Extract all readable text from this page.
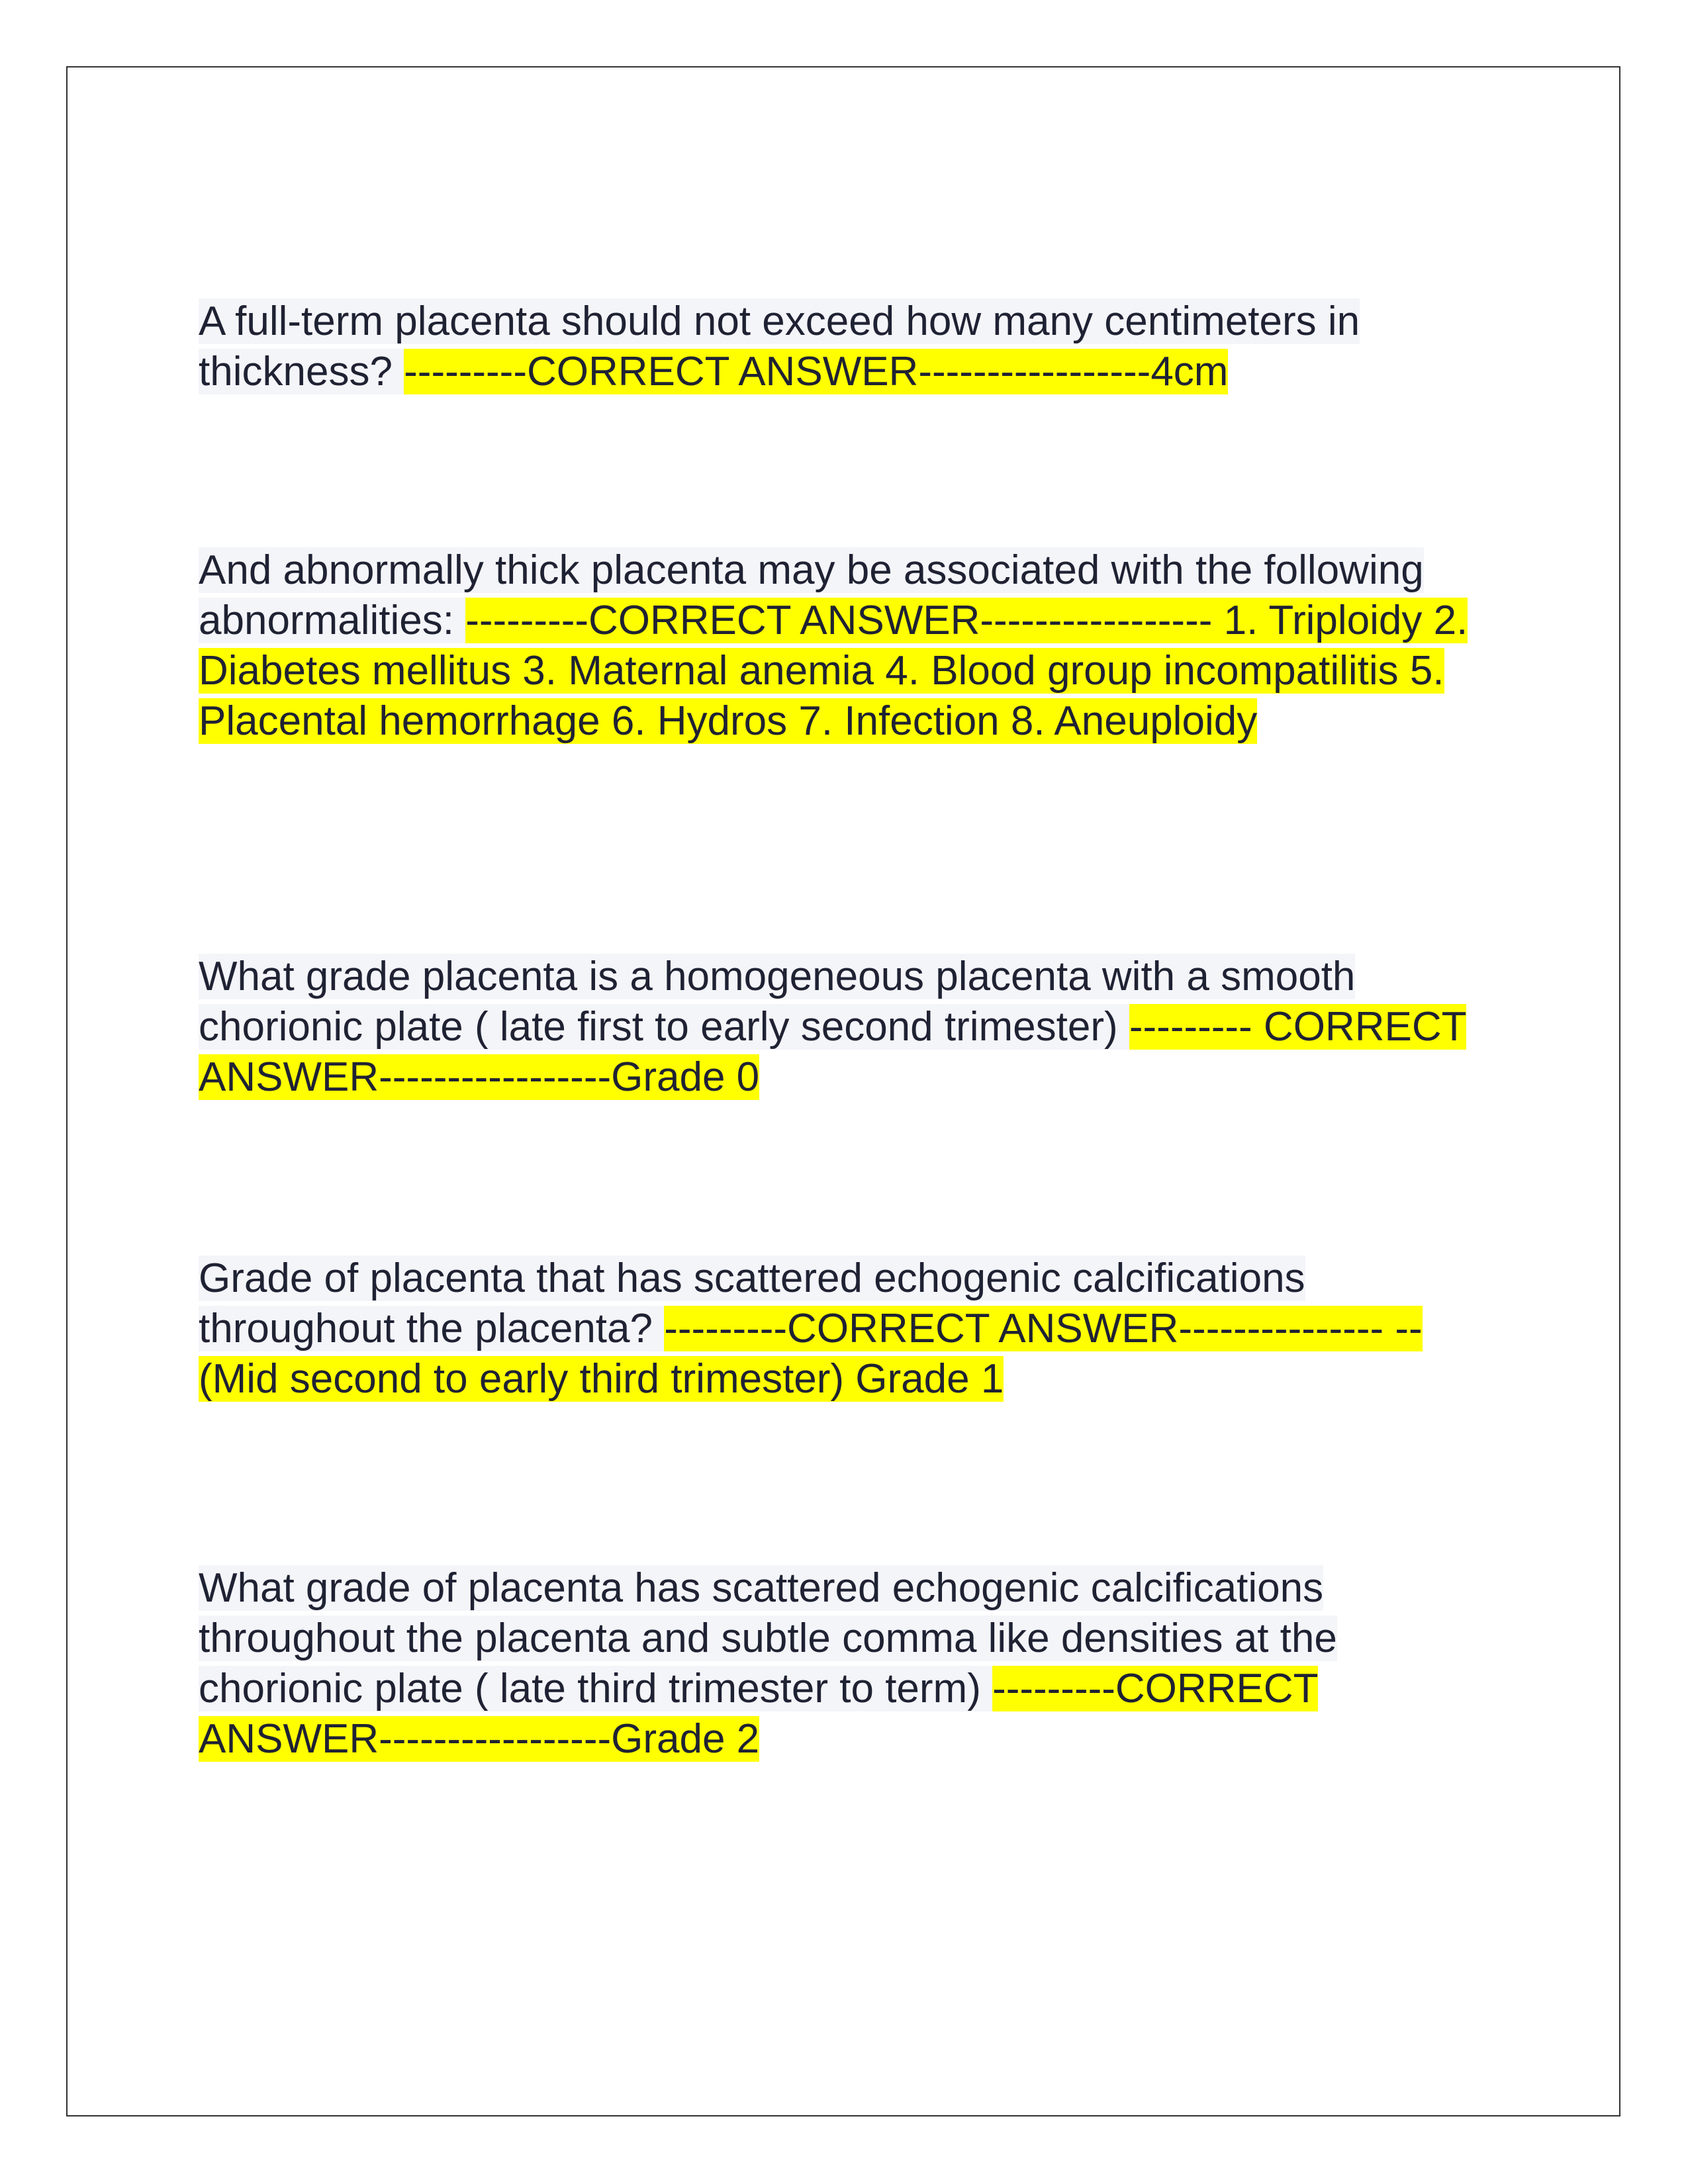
A full-term placenta should not exceed how many centimeters in thickness? ---------CORRECT ANSWER-----------------4cm

And abnormally thick placenta may be associated with the following abnormalities: ---------CORRECT ANSWER----------------- 1. Triploidy 2. Diabetes mellitus 3. Maternal anemia 4. Blood group incompatilitis 5. Placental hemorrhage 6. Hydros 7. Infection 8. Aneuploidy

What grade placenta is a homogeneous placenta with a smooth chorionic plate ( late first to early second trimester) --------- CORRECT ANSWER-----------------Grade 0

Grade of placenta that has scattered echogenic calcifications throughout the placenta? ---------CORRECT ANSWER--------------- --(Mid second to early third trimester) Grade 1

What grade of placenta has scattered echogenic calcifications throughout the placenta and subtle comma like densities at the chorionic plate ( late third trimester to term) ---------CORRECT ANSWER-----------------Grade 2
